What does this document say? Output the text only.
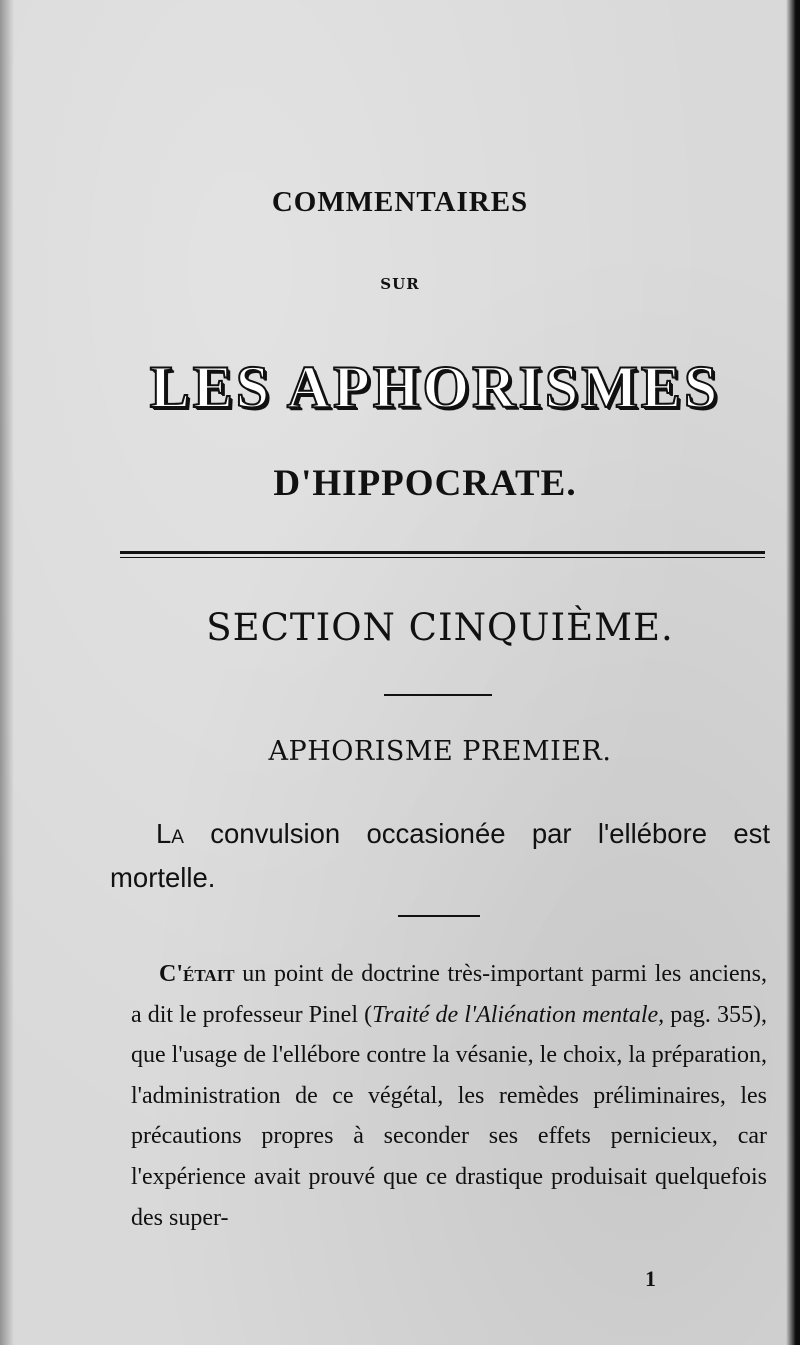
COMMENTAIRES
SUR
LES APHORISMES
D'HIPPOCRATE.
SECTION CINQUIÈME.
APHORISME PREMIER.
La convulsion occasionée par l'ellébore est mortelle.
C'était un point de doctrine très-important parmi les anciens, a dit le professeur Pinel (Traité de l'Aliénation mentale, pag. 355), que l'usage de l'ellébore contre la vésanie, le choix, la préparation, l'administration de ce végétal, les remèdes préliminaires, les précautions propres à seconder ses effets pernicieux, car l'expérience avait prouvé que ce drastique produisait quelquefois des super-
1
